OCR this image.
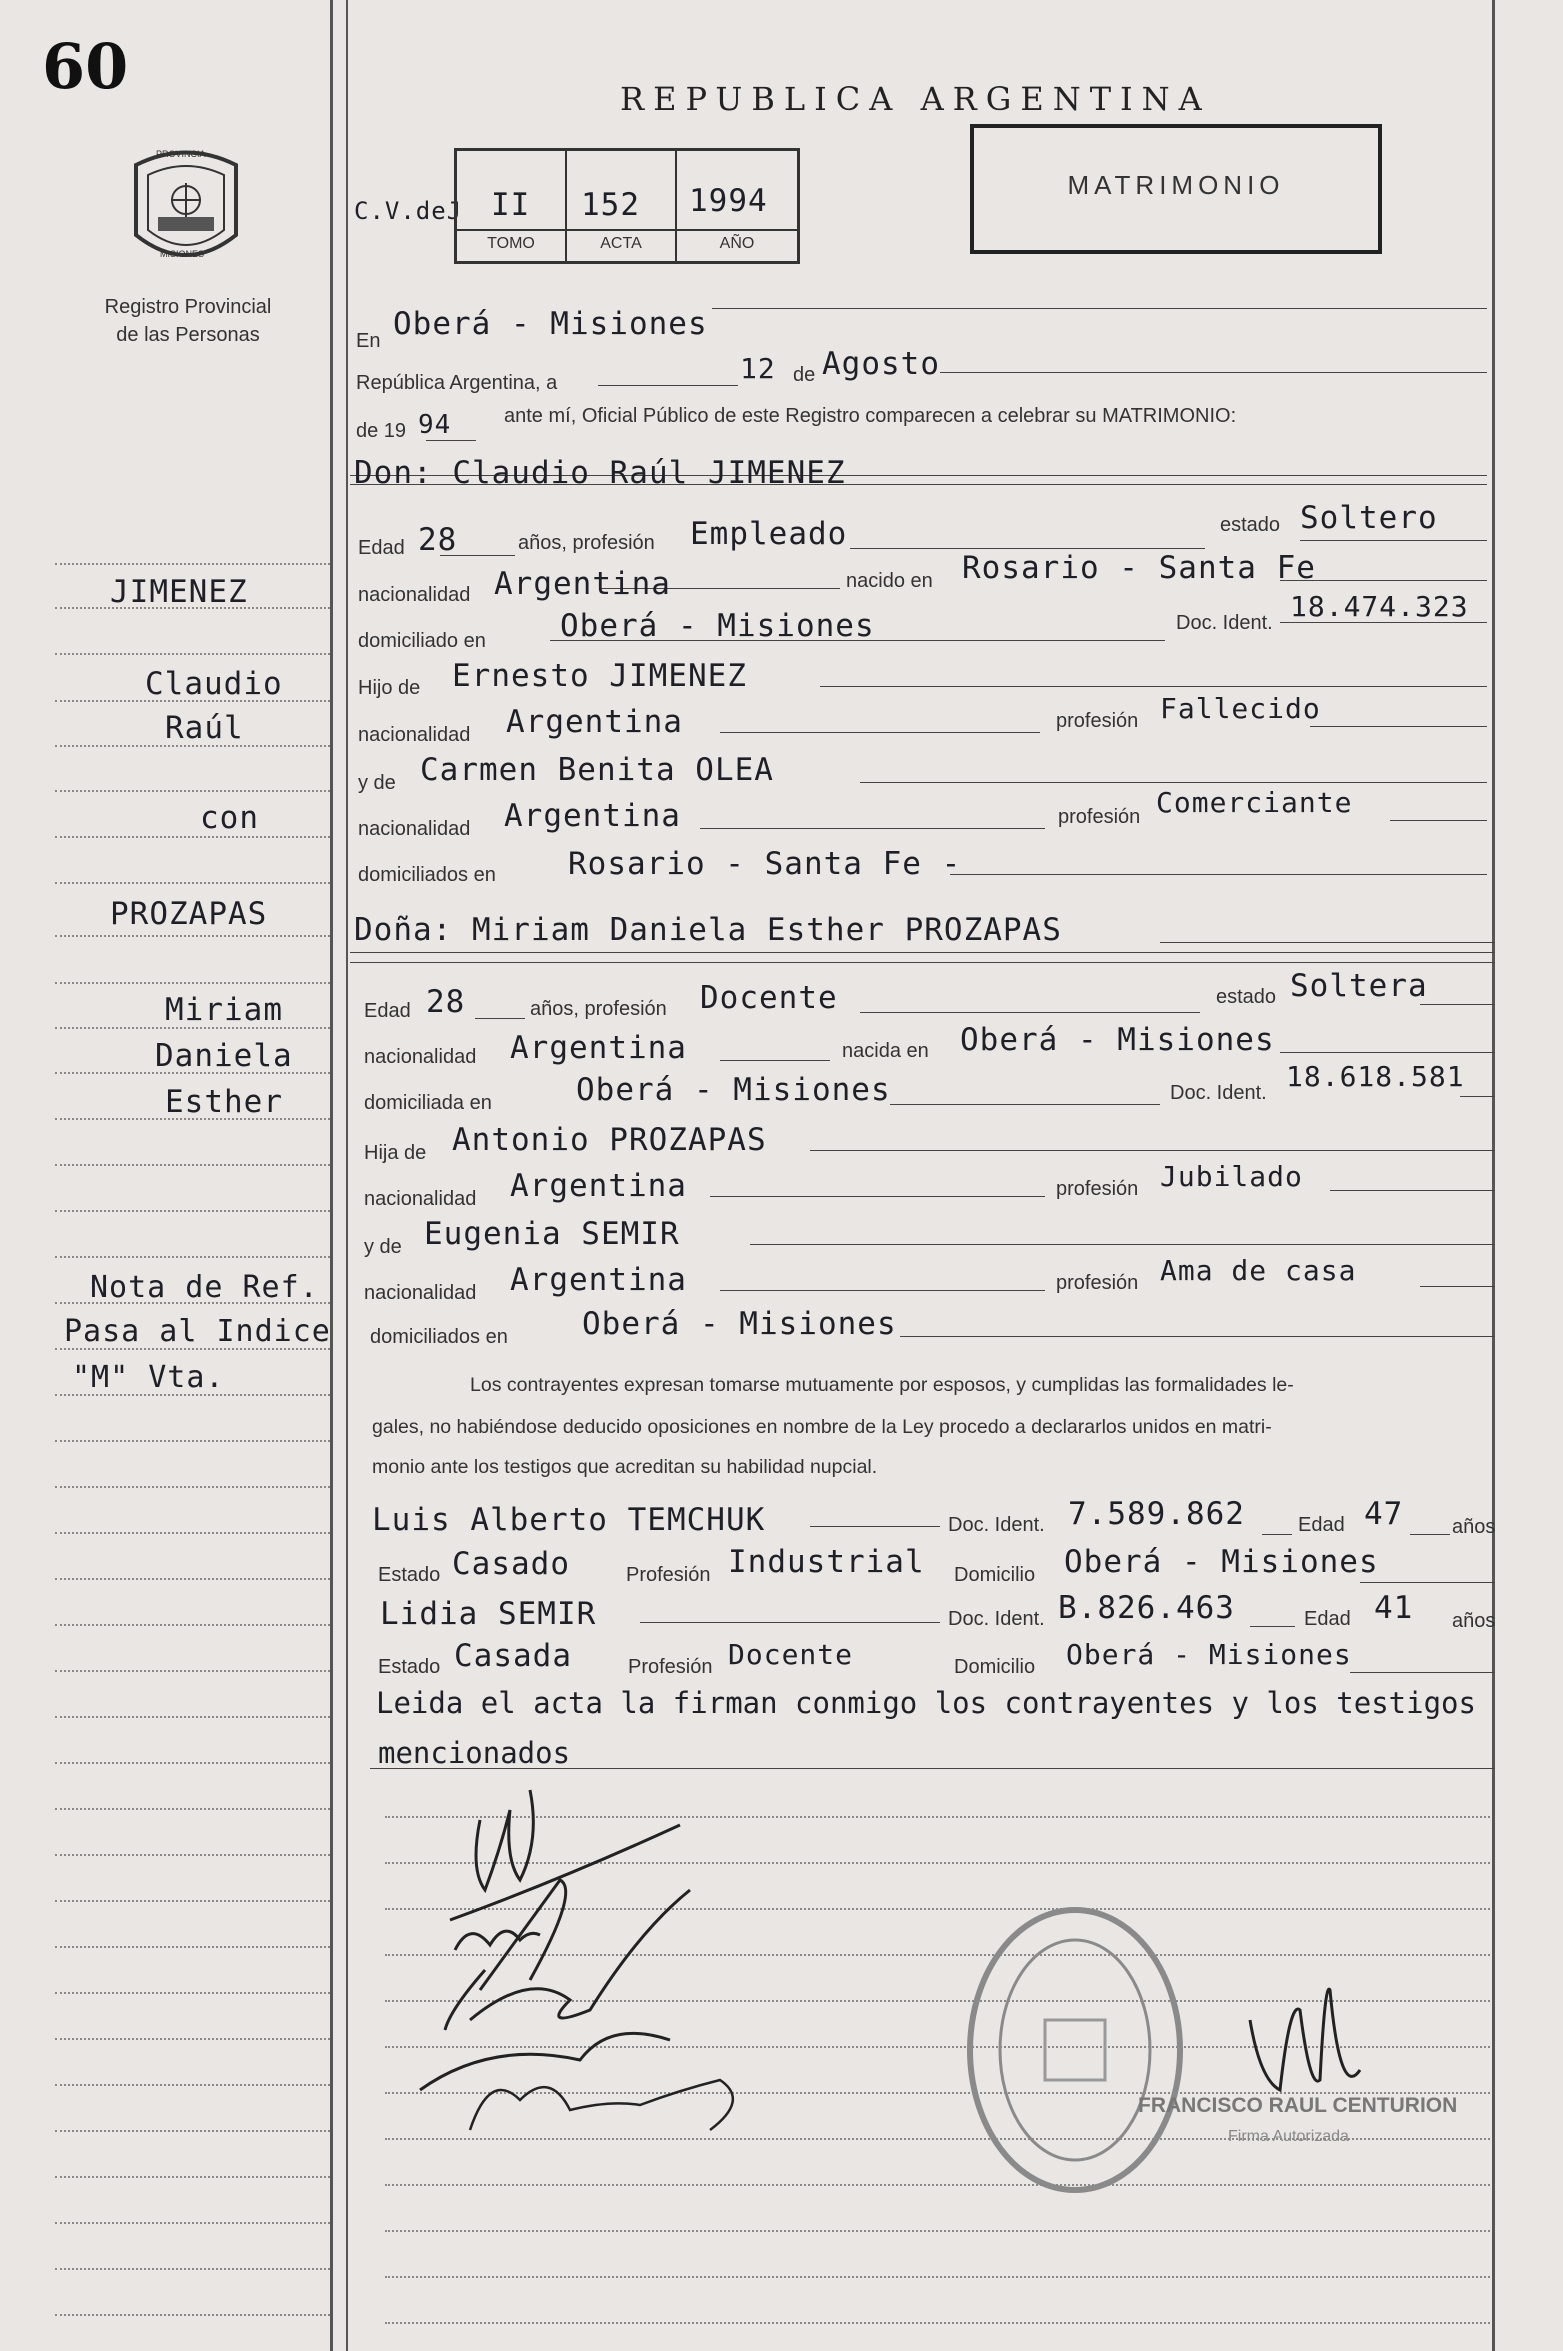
60
PROVINCIA
MISIONES
Registro Provincial
de las Personas
REPUBLICA ARGENTINA
MATRIMONIO
C.V.deJ II 152 1994
TOMO	ACTA	AÑO
JIMENEZ
Claudio
Raúl
con
PROZAPAS
Miriam
Daniela
Esther
Nota de Ref.
Pasa al Indice
"M" Vta.
En Oberá - Misiones
República Argentina, a	12 de Agosto
de 19 94	ante mí, Oficial Público de este Registro comparecen a celebrar su MATRIMONIO:
Don: Claudio Raúl JIMENEZ
Edad 28	años, profesión Empleado	estado Soltero
nacionalidad Argentina	nacido en Rosario - Santa Fe
domiciliado en Oberá - Misiones	Doc. Ident. 18.474.323
Hijo de Ernesto JIMENEZ
nacionalidad Argentina	profesión Fallecido
y de Carmen Benita OLEA
nacionalidad Argentina	profesión Comerciante
domiciliados en Rosario - Santa Fe -
Doña: Miriam Daniela Esther PROZAPAS
Edad 28	años, profesión Docente	estado Soltera
nacionalidad Argentina	nacida en Oberá - Misiones
domiciliada en	Oberá - Misiones	Doc. Ident. 18.618.581
Hija de Antonio PROZAPAS
nacionalidad Argentina	profesión Jubilado
y de Eugenia SEMIR
nacionalidad Argentina	profesión Ama de casa
domiciliados en Oberá - Misiones
Los contrayentes expresan tomarse mutuamente por esposos, y cumplidas las formalidades le-
gales, no habiéndose deducido oposiciones en nombre de la Ley procedo a declararlos unidos en matri-
monio ante los testigos que acreditan su habilidad nupcial.
Luis Alberto TEMCHUK	Doc. Ident. 7.589.862	Edad 47 años
Estado Casado	Profesión Industrial Domicilio Oberá - Misiones
Lidia SEMIR	Doc. Ident. B.826.463	Edad 41 años
Estado Casada	Profesión Docente	Domicilio Oberá - Misiones
Leida el acta la firman conmigo los contrayentes y los testigos
mencionados
FRANCISCO RAUL CENTURION
Firma Autorizada
